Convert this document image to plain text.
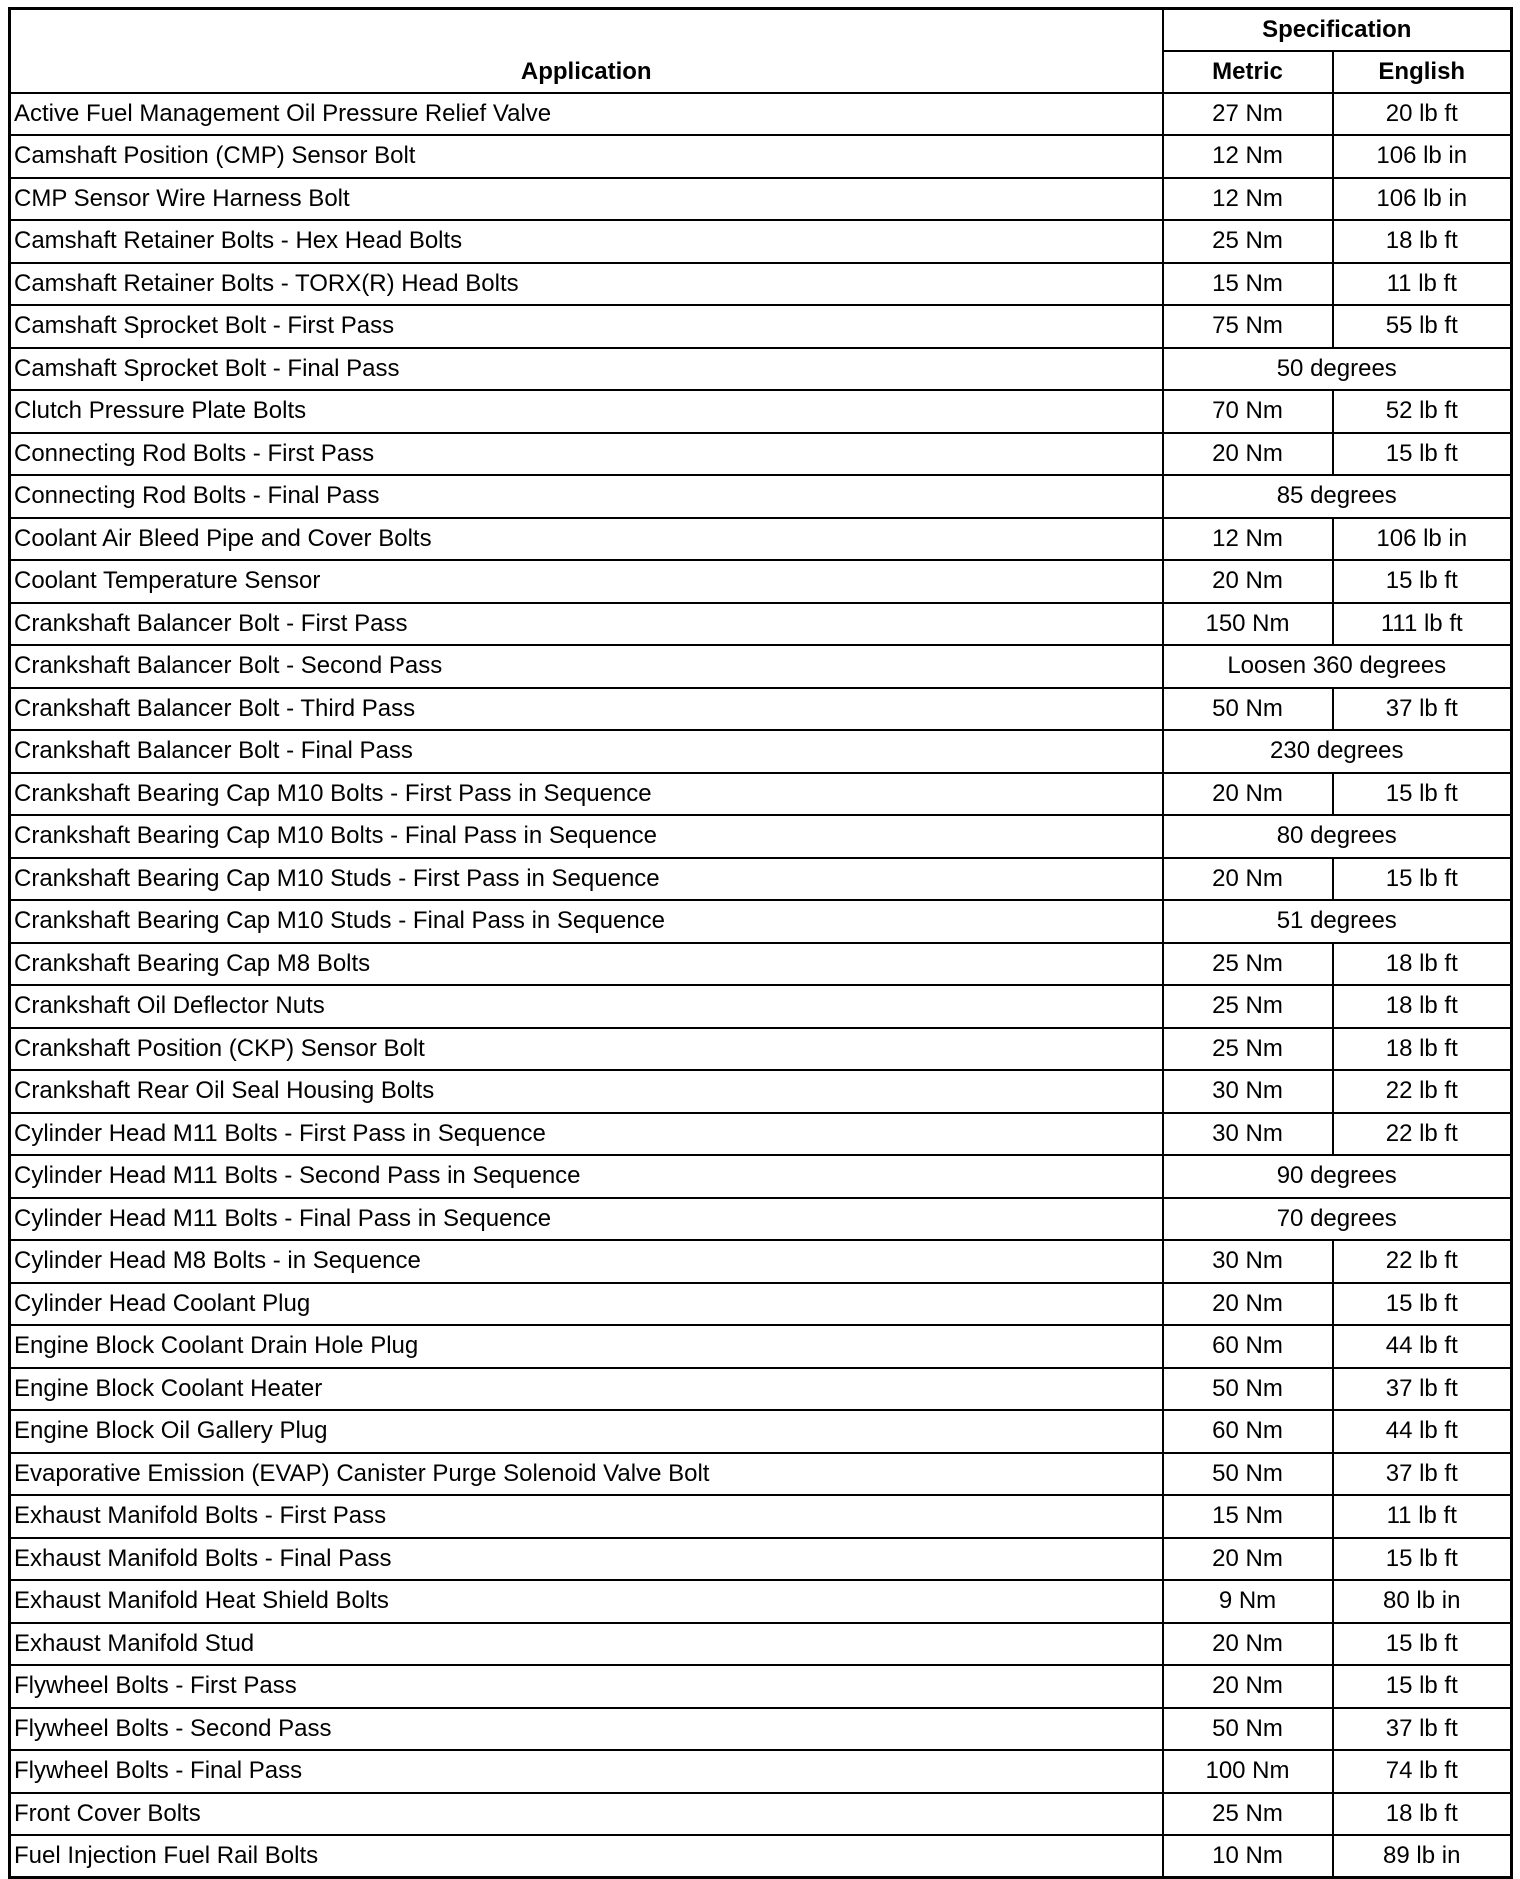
Application	Specification	
	Metric	English
Active Fuel Management Oil Pressure Relief Valve	27 Nm	20 lb ft
Camshaft Position (CMP) Sensor Bolt	12 Nm	106 lb in
CMP Sensor Wire Harness Bolt	12 Nm	106 lb in
Camshaft Retainer Bolts - Hex Head Bolts	25 Nm	18 lb ft
Camshaft Retainer Bolts - TORX(R) Head Bolts	15 Nm	11 lb ft
Camshaft Sprocket Bolt - First Pass	75 Nm	55 lb ft
Camshaft Sprocket Bolt - Final Pass	50 degrees	
Clutch Pressure Plate Bolts	70 Nm	52 lb ft
Connecting Rod Bolts - First Pass	20 Nm	15 lb ft
Connecting Rod Bolts - Final Pass	85 degrees	
Coolant Air Bleed Pipe and Cover Bolts	12 Nm	106 lb in
Coolant Temperature Sensor	20 Nm	15 lb ft
Crankshaft Balancer Bolt - First Pass	150 Nm	111 lb ft
Crankshaft Balancer Bolt - Second Pass	Loosen 360 degrees	
Crankshaft Balancer Bolt - Third Pass	50 Nm	37 lb ft
Crankshaft Balancer Bolt - Final Pass	230 degrees	
Crankshaft Bearing Cap M10 Bolts - First Pass in Sequence	20 Nm	15 lb ft
Crankshaft Bearing Cap M10 Bolts - Final Pass in Sequence	80 degrees	
Crankshaft Bearing Cap M10 Studs - First Pass in Sequence	20 Nm	15 lb ft
Crankshaft Bearing Cap M10 Studs - Final Pass in Sequence	51 degrees	
Crankshaft Bearing Cap M8 Bolts	25 Nm	18 lb ft
Crankshaft Oil Deflector Nuts	25 Nm	18 lb ft
Crankshaft Position (CKP) Sensor Bolt	25 Nm	18 lb ft
Crankshaft Rear Oil Seal Housing Bolts	30 Nm	22 lb ft
Cylinder Head M11 Bolts - First Pass in Sequence	30 Nm	22 lb ft
Cylinder Head M11 Bolts - Second Pass in Sequence	90 degrees	
Cylinder Head M11 Bolts - Final Pass in Sequence	70 degrees	
Cylinder Head M8 Bolts - in Sequence	30 Nm	22 lb ft
Cylinder Head Coolant Plug	20 Nm	15 lb ft
Engine Block Coolant Drain Hole Plug	60 Nm	44 lb ft
Engine Block Coolant Heater	50 Nm	37 lb ft
Engine Block Oil Gallery Plug	60 Nm	44 lb ft
Evaporative Emission (EVAP) Canister Purge Solenoid Valve Bolt	50 Nm	37 lb ft
Exhaust Manifold Bolts - First Pass	15 Nm	11 lb ft
Exhaust Manifold Bolts - Final Pass	20 Nm	15 lb ft
Exhaust Manifold Heat Shield Bolts	9 Nm	80 lb in
Exhaust Manifold Stud	20 Nm	15 lb ft
Flywheel Bolts - First Pass	20 Nm	15 lb ft
Flywheel Bolts - Second Pass	50 Nm	37 lb ft
Flywheel Bolts - Final Pass	100 Nm	74 lb ft
Front Cover Bolts	25 Nm	18 lb ft
Fuel Injection Fuel Rail Bolts	10 Nm	89 lb in
